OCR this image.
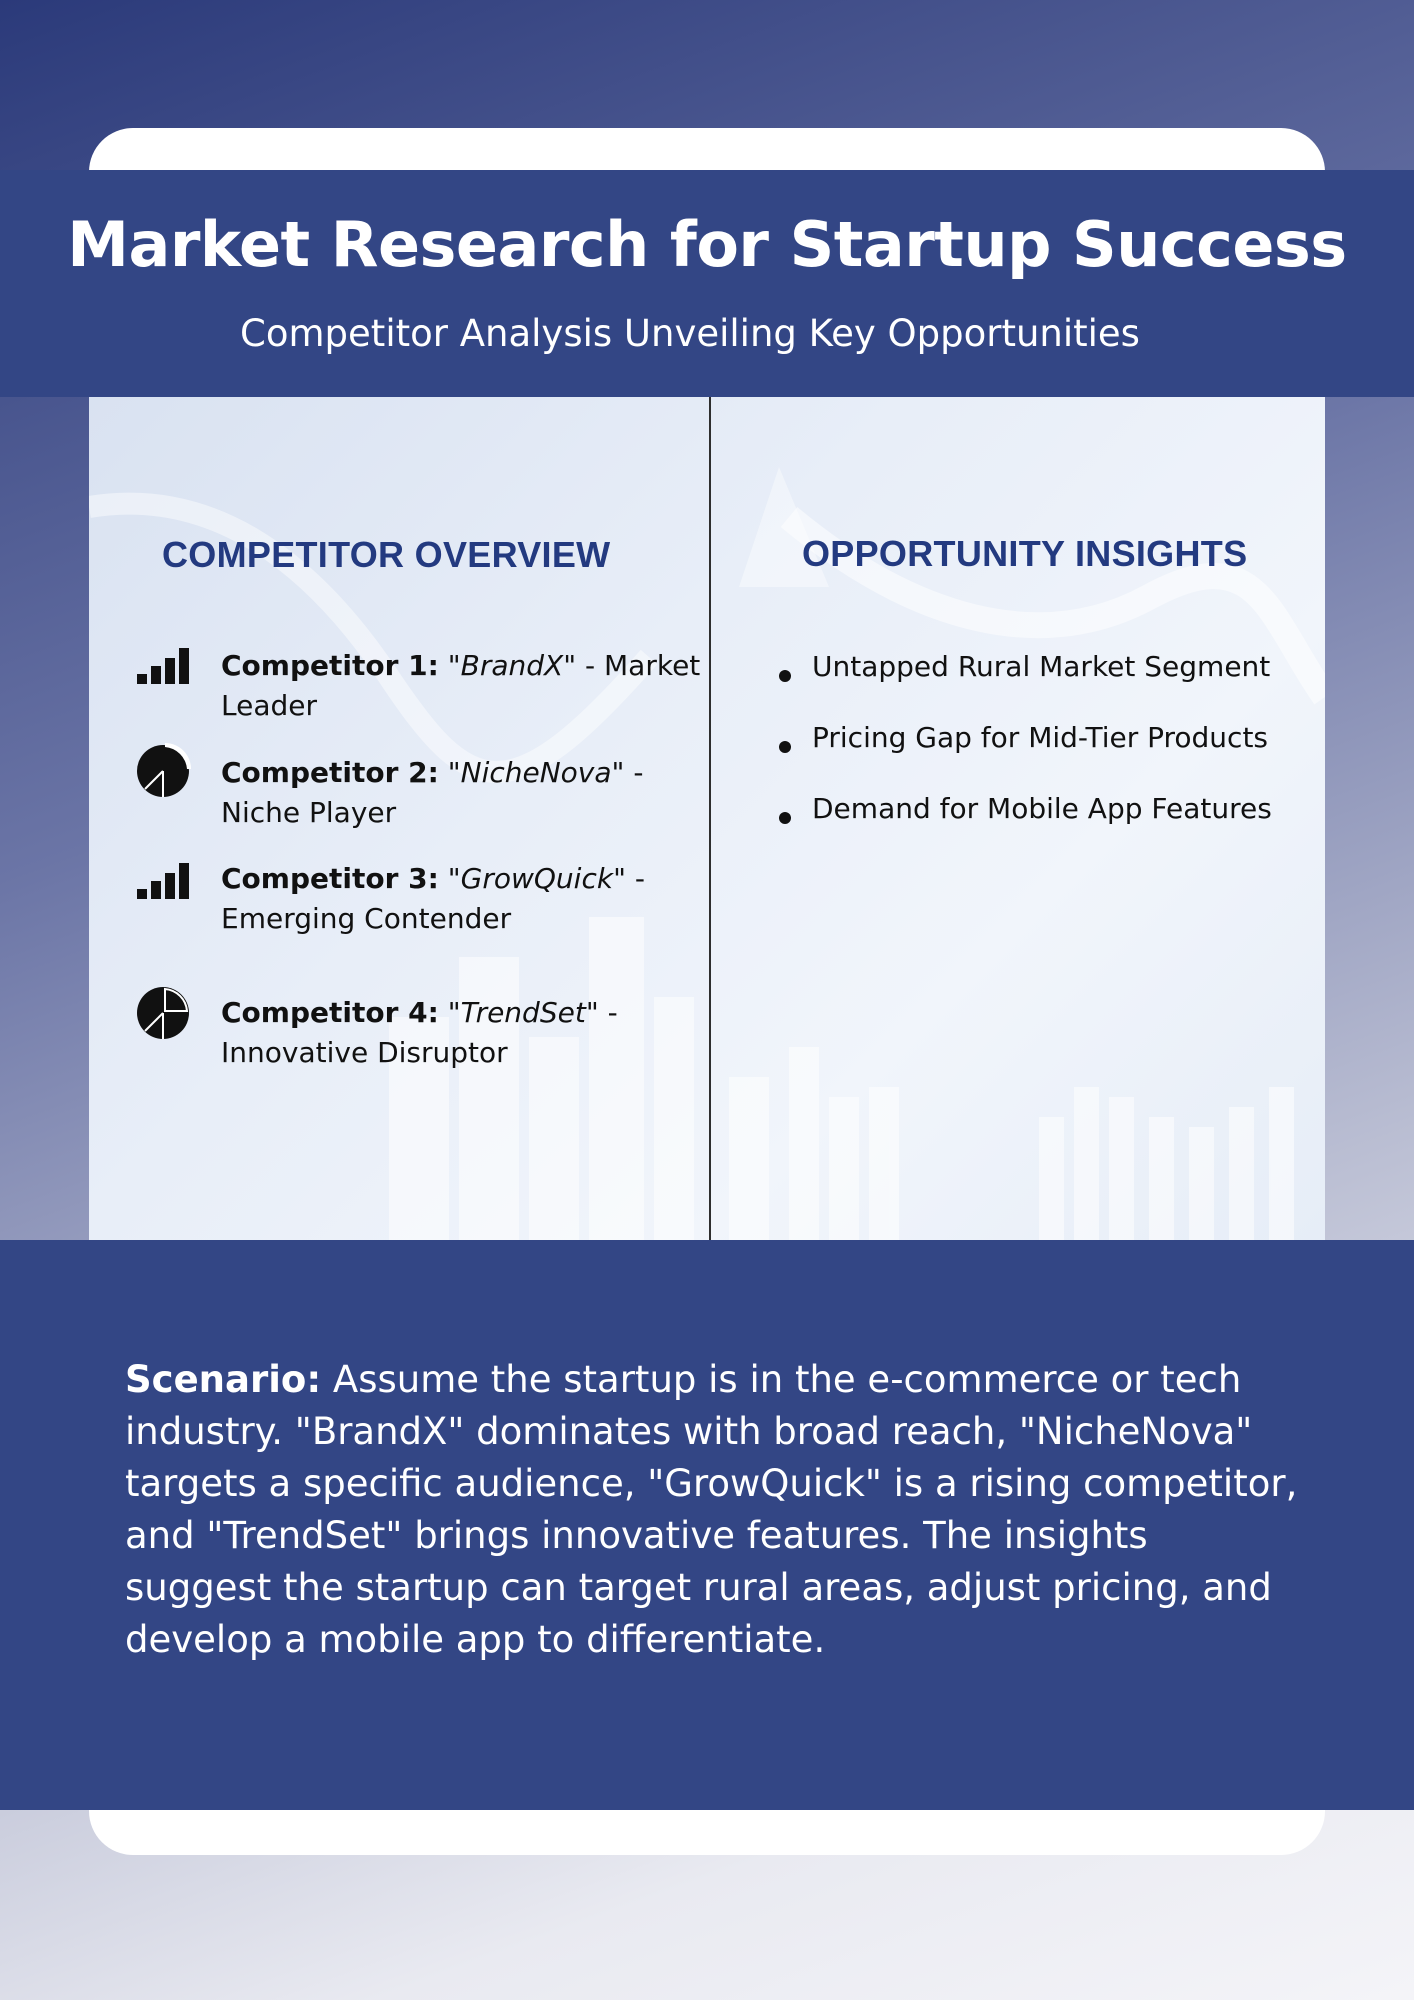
Market Research for Startup Success
Competitor Analysis Unveiling Key Opportunities
COMPETITOR OVERVIEW	OPPORTUNITY INSIGHTS
Competitor 1: "BrandX" - Market Leader
Competitor 2: "NicheNova" - Niche Player
Competitor 3: "GrowQuick" - Emerging Contender
Competitor 4: "TrendSet" - Innovative Disruptor
Untapped Rural Market Segment
Pricing Gap for Mid-Tier Products
Demand for Mobile App Features

Scenario: Assume the startup is in the e-commerce or tech industry. "BrandX" dominates with broad reach, "NicheNova" targets a specific audience, "GrowQuick" is a rising competitor, and "TrendSet" brings innovative features. The insights suggest the startup can target rural areas, adjust pricing, and develop a mobile app to differentiate.
